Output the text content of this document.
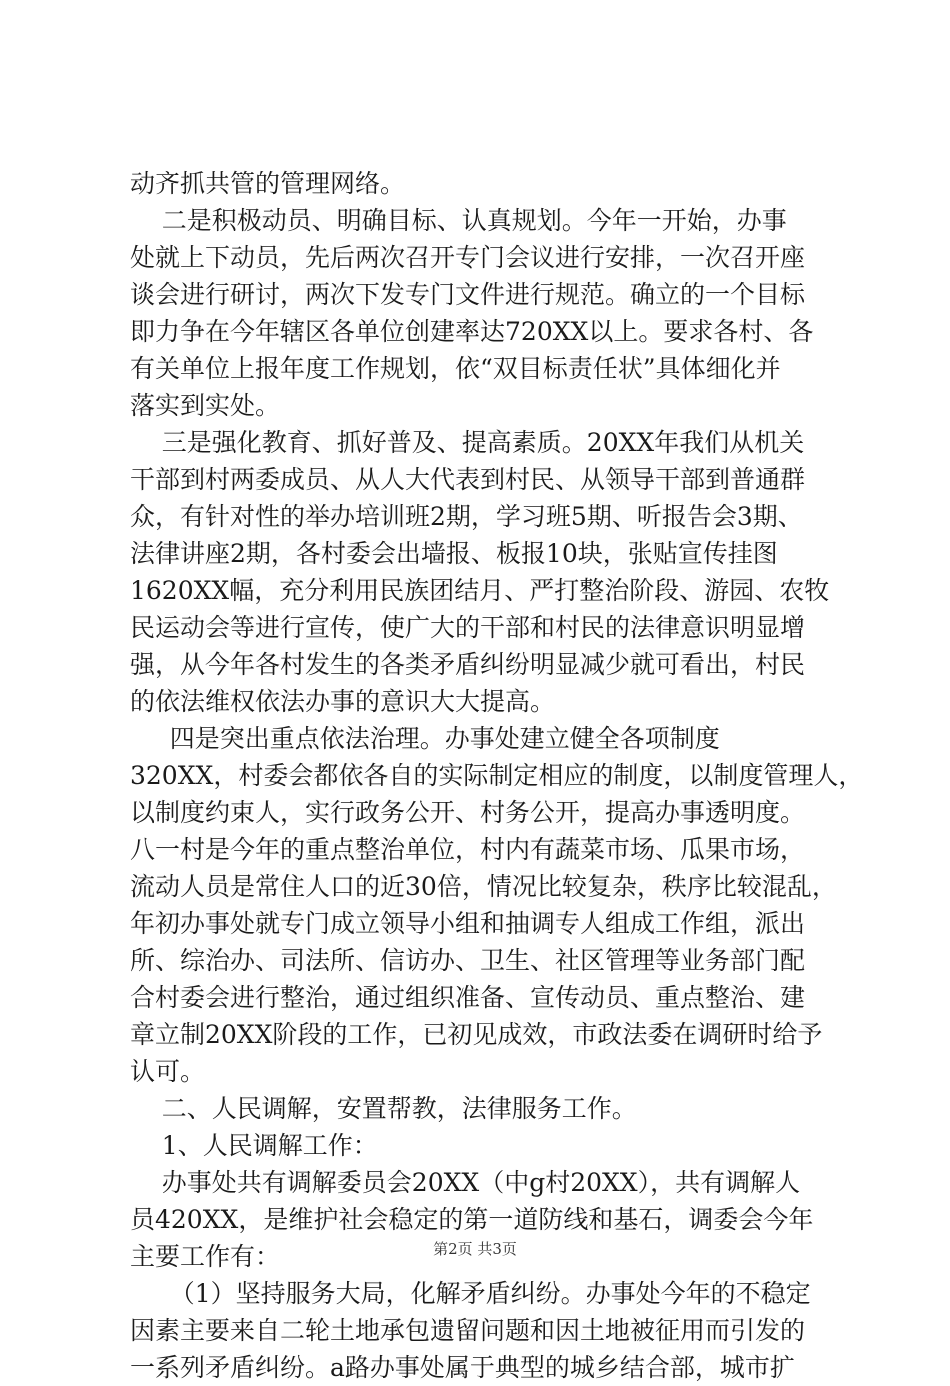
动齐抓共管的管理网络。
二是积极动员、明确目标、认真规划。今年一开始，办事
处就上下动员，先后两次召开专门会议进行安排，一次召开座
谈会进行研讨，两次下发专门文件进行规范。确立的一个目标
即力争在今年辖区各单位创建率达720XX以上。要求各村、各
有关单位上报年度工作规划，依“双目标责任状”具体细化并
落实到实处。
三是强化教育、抓好普及、提高素质。20XX年我们从机关
干部到村两委成员、从人大代表到村民、从领导干部到普通群
众，有针对性的举办培训班2期，学习班5期、听报告会3期、
法律讲座2期，各村委会出墙报、板报10块，张贴宣传挂图
1620XX幅，充分利用民族团结月、严打整治阶段、游园、农牧
民运动会等进行宣传，使广大的干部和村民的法律意识明显增
强，从今年各村发生的各类矛盾纠纷明显减少就可看出，村民
的依法维权依法办事的意识大大提高。
四是突出重点依法治理。办事处建立健全各项制度
320XX，村委会都依各自的实际制定相应的制度，以制度管理人，
以制度约束人，实行政务公开、村务公开，提高办事透明度。
八一村是今年的重点整治单位，村内有蔬菜市场、瓜果市场，
流动人员是常住人口的近30倍，情况比较复杂，秩序比较混乱，
年初办事处就专门成立领导小组和抽调专人组成工作组，派出
所、综治办、司法所、信访办、卫生、社区管理等业务部门配
合村委会进行整治，通过组织准备、宣传动员、重点整治、建
章立制20XX阶段的工作，已初见成效，市政法委在调研时给予
认可。
二、人民调解，安置帮教，法律服务工作。
1、人民调解工作：
办事处共有调解委员会20XX（中g村20XX），共有调解人
员420XX，是维护社会稳定的第一道防线和基石，调委会今年
主要工作有：
（1）坚持服务大局，化解矛盾纠纷。办事处今年的不稳定
因素主要来自二轮土地承包遗留问题和因土地被征用而引发的
一系列矛盾纠纷。a路办事处属于典型的城乡结合部，城市扩
第2页 共3页
